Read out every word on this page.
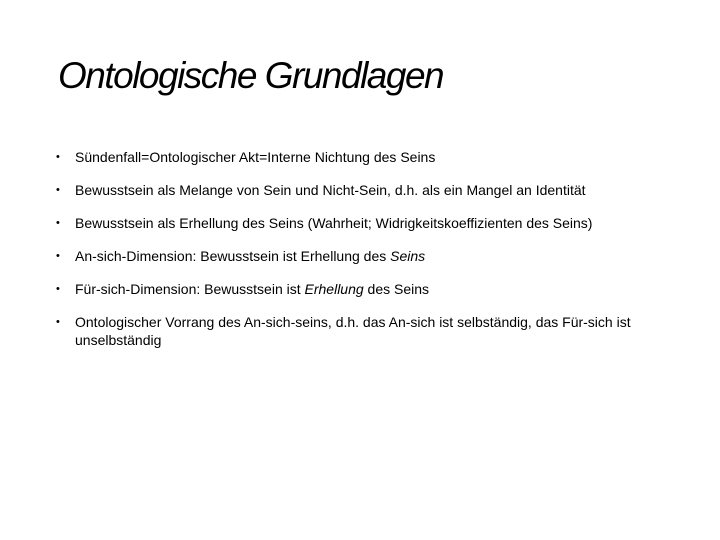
Ontologische Grundlagen
• Sündenfall=Ontologischer Akt=Interne Nichtung des Seins
• Bewusstsein als Melange von Sein und Nicht-Sein, d.h. als ein Mangel an Identität
• Bewusstsein als Erhellung des Seins (Wahrheit; Widrigkeitskoeffizienten des Seins)
• An-sich-Dimension: Bewusstsein ist Erhellung des Seins
• Für-sich-Dimension: Bewusstsein ist Erhellung des Seins
• Ontologischer Vorrang des An-sich-seins, d.h. das An-sich ist selbständig, das Für-sich ist unselbständig
